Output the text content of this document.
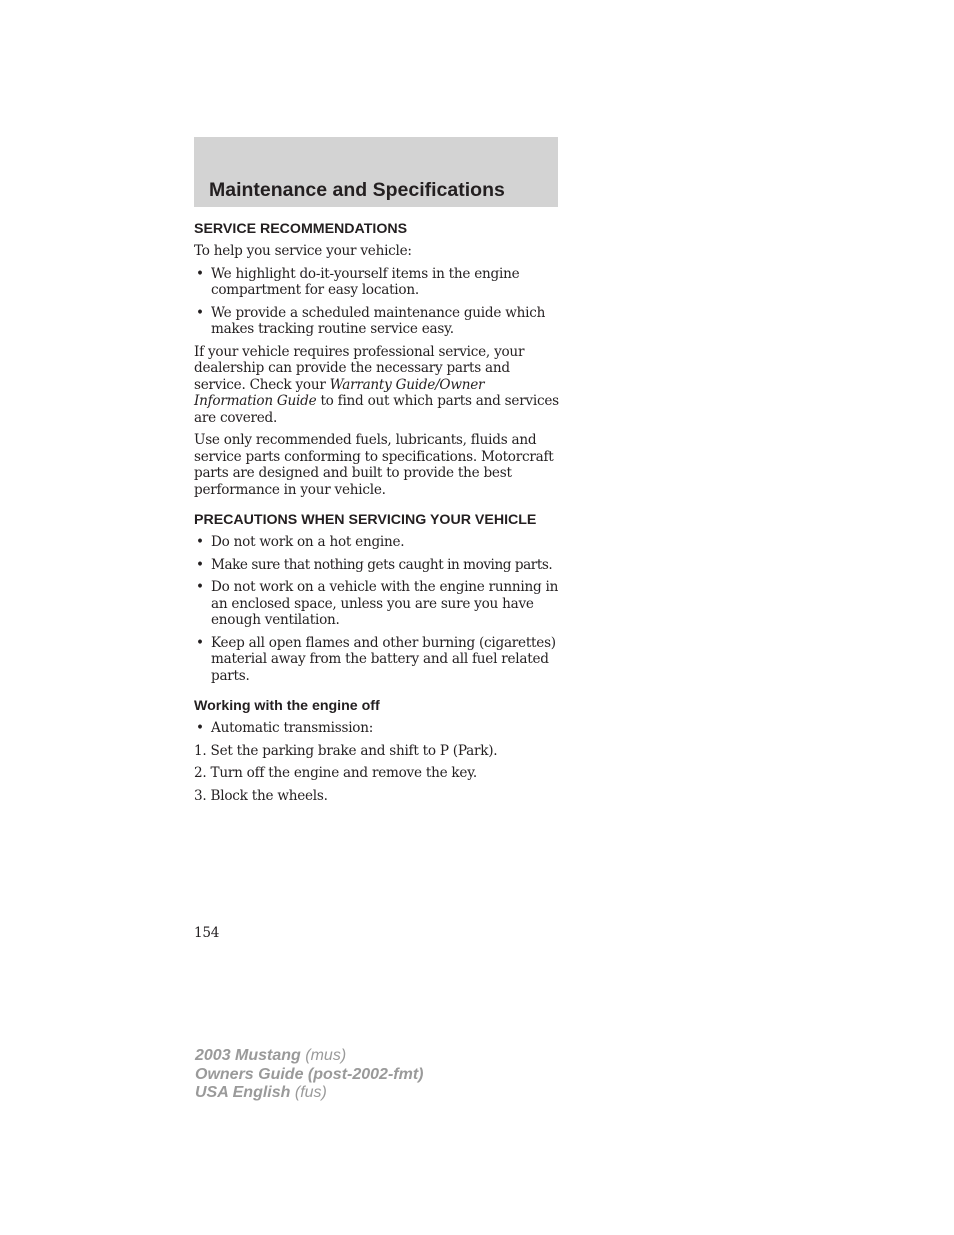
Maintenance and Specifications
SERVICE RECOMMENDATIONS

To help you service your vehicle:

• We highlight do-it-yourself items in the engine compartment for easy location.
• We provide a scheduled maintenance guide which makes tracking routine service easy.

If your vehicle requires professional service, your dealership can provide the necessary parts and service. Check your Warranty Guide/Owner Information Guide to find out which parts and services are covered.

Use only recommended fuels, lubricants, fluids and service parts conforming to specifications. Motorcraft parts are designed and built to provide the best performance in your vehicle.

PRECAUTIONS WHEN SERVICING YOUR VEHICLE
• Do not work on a hot engine.
• Make sure that nothing gets caught in moving parts.
• Do not work on a vehicle with the engine running in an enclosed space, unless you are sure you have enough ventilation.
• Keep all open flames and other burning (cigarettes) material away from the battery and all fuel related parts.
Working with the engine off
• Automatic transmission:
1. Set the parking brake and shift to P (Park).
2. Turn off the engine and remove the key.
3. Block the wheels.
154
2003 Mustang (mus)
Owners Guide (post-2002-fmt)
USA English (fus)
